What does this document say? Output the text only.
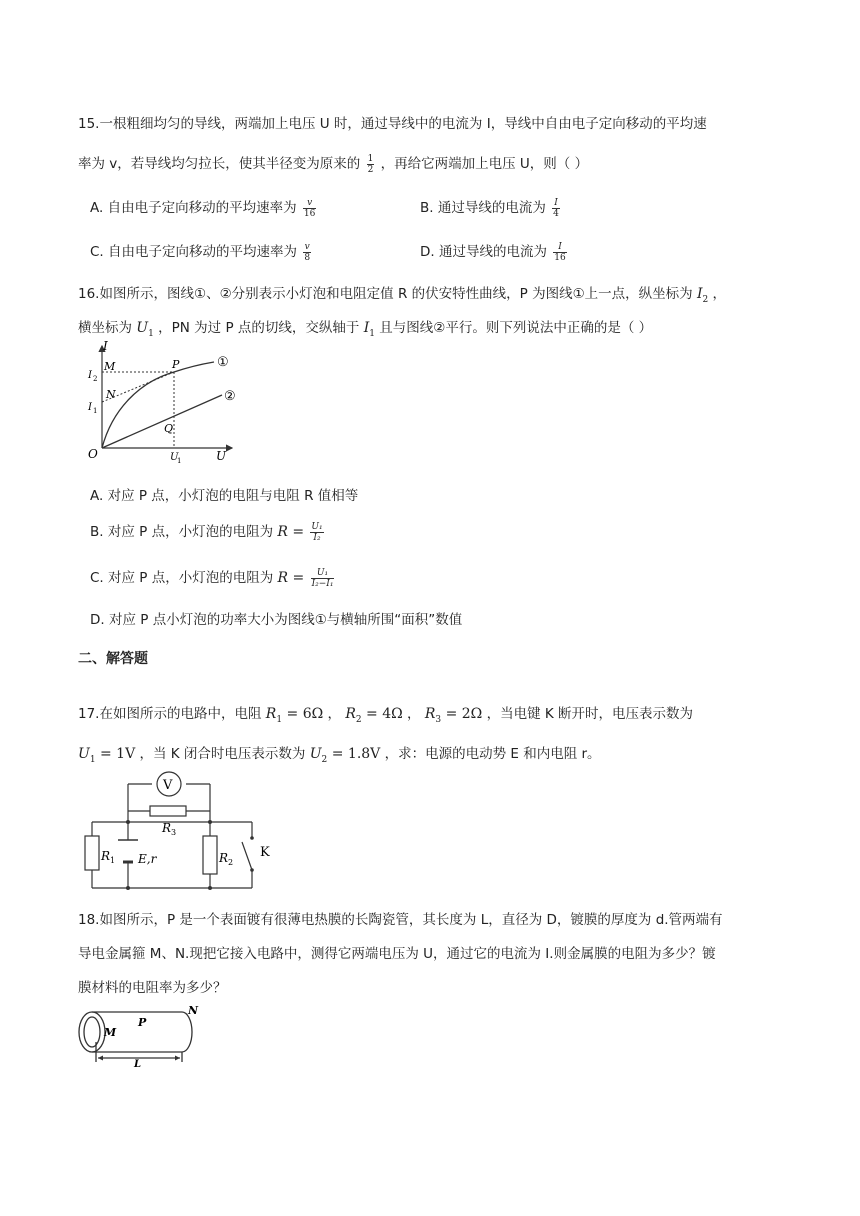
15.一根粗细均匀的导线，两端加上电压 U 时，通过导线中的电流为 I，导线中自由电子定向移动的平均速
率为 v，若导线均匀拉长，使其半径变为原来的 $\frac{1}{2}$ ，再给它两端加上电压 U，则（ ）
A. 自由电子定向移动的平均速率为 $\frac{v}{16}$	B. 通过导线的电流为 $\frac{I}{4}$
C. 自由电子定向移动的平均速率为 $\frac{v}{8}$	D. 通过导线的电流为 $\frac{I}{16}$
16.如图所示，图线①、②分别表示小灯泡和电阻定值 R 的伏安特性曲线，P 为图线①上一点，纵坐标为 $I_2$ ，
横坐标为 $U_1$ ，PN 为过 P 点的切线，交纵轴于 $I_1$ 且与图线②平行。则下列说法中正确的是（ ）
I
U
O
M	P
N
Q
I 2
I 1
U
1
①
②
A. 对应 P 点，小灯泡的电阻与电阻 R 值相等
B. 对应 P 点，小灯泡的电阻为 $R = \frac{\text{U₁}}{\text{I₂}}$
C. 对应 P 点，小灯泡的电阻为 $R = \frac{\text{U₁}}{\text{I₂−I₁}}$
D. 对应 P 点小灯泡的功率大小为图线①与横轴所围“面积”数值
二、解答题
17.在如图所示的电路中，电阻 $R_1 = 6\Omega$ ， $R_2 = 4\Omega$ ， $R_3 = 2\Omega$ ，当电键 K 断开时，电压表示数为
$U_1 = 1V$ ，当 K 闭合时电压表示数为 $U_2 = 1.8V$ ，求：电源的电动势 E 和内电阻 r。
V
R 3
R 1 E,r	R 2
K
18.如图所示，P 是一个表面镀有很薄电热膜的长陶瓷管，其长度为 L，直径为 D，镀膜的厚度为 d.管两端有
导电金属箍 M、N.现把它接入电路中，测得它两端电压为 U，通过它的电流为 I.则金属膜的电阻为多少？镀
膜材料的电阻率为多少？
M
P
N
L
